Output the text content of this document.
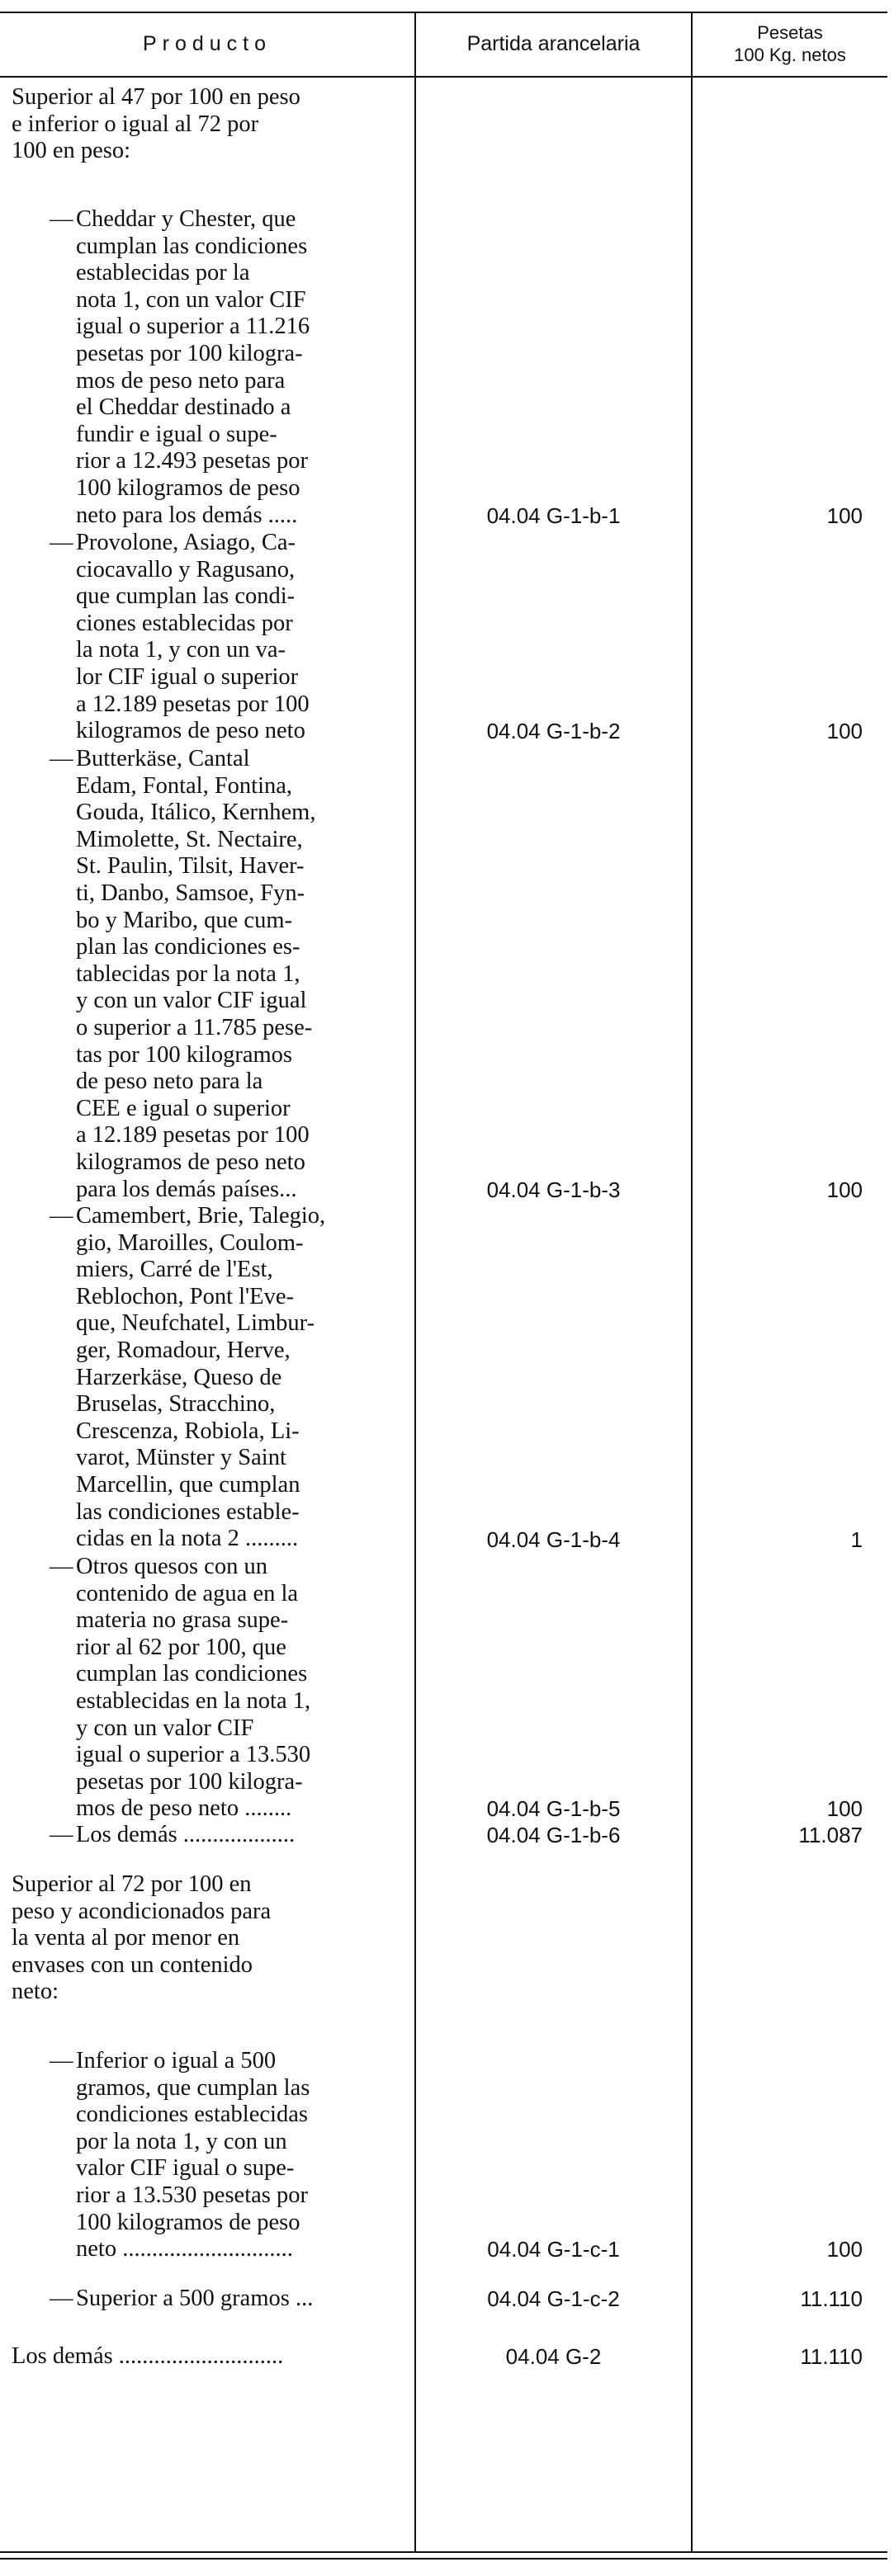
Producto	Partida arancelaria	Pesetas
100 Kg. netos
Superior al 47 por 100 en peso
e inferior o igual al 72 por
100 en peso:
— Cheddar y Chester, que
cumplan las condiciones
establecidas por la
nota 1, con un valor CIF
igual o superior a 11.216
pesetas por 100 kilogra-
mos de peso neto para
el Cheddar destinado a
fundir e igual o supe-
rior a 12.493 pesetas por
100 kilogramos de peso
neto para los demás .....	04.04 G-1-b-1	100
— Provolone, Asiago, Ca-
ciocavallo y Ragusano,
que cumplan las condi-
ciones establecidas por
la nota 1, y con un va-
lor CIF igual o superior
a 12.189 pesetas por 100
kilogramos de peso neto	04.04 G-1-b-2	100
— Butterkäse, Cantal
Edam, Fontal, Fontina,
Gouda, Itálico, Kernhem,
Mimolette, St. Nectaire,
St. Paulin, Tilsit, Haver-
ti, Danbo, Samsoe, Fyn-
bo y Maribo, que cum-
plan las condiciones es-
tablecidas por la nota 1,
y con un valor CIF igual
o superior a 11.785 pese-
tas por 100 kilogramos
de peso neto para la
CEE e igual o superior
a 12.189 pesetas por 100
kilogramos de peso neto
para los demás países...	04.04 G-1-b-3	100
— Camembert, Brie, Talegio,
gio, Maroilles, Coulom-
miers, Carré de l'Est,
Reblochon, Pont l'Eve-
que, Neufchatel, Limbur-
ger, Romadour, Herve,
Harzerkäse, Queso de
Bruselas, Stracchino,
Crescenza, Robiola, Li-
varot, Münster y Saint
Marcellin, que cumplan
las condiciones estable-
cidas en la nota 2 .........	04.04 G-1-b-4	1
— Otros quesos con un
contenido de agua en la
materia no grasa supe-
rior al 62 por 100, que
cumplan las condiciones
establecidas en la nota 1,
y con un valor CIF
igual o superior a 13.530
pesetas por 100 kilogra-
mos de peso neto ........	04.04 G-1-b-5	100
— Los demás ...................	04.04 G-1-b-6	11.087
Superior al 72 por 100 en
peso y acondicionados para
la venta al por menor en
envases con un contenido
neto:
— Inferior o igual a 500
gramos, que cumplan las
condiciones establecidas
por la nota 1, y con un
valor CIF igual o supe-
rior a 13.530 pesetas por
100 kilogramos de peso
neto .............................	04.04 G-1-c-1	100
— Superior a 500 gramos ...	04.04 G-1-c-2	11.110
Los demás ............................	04.04 G-2	11.110
